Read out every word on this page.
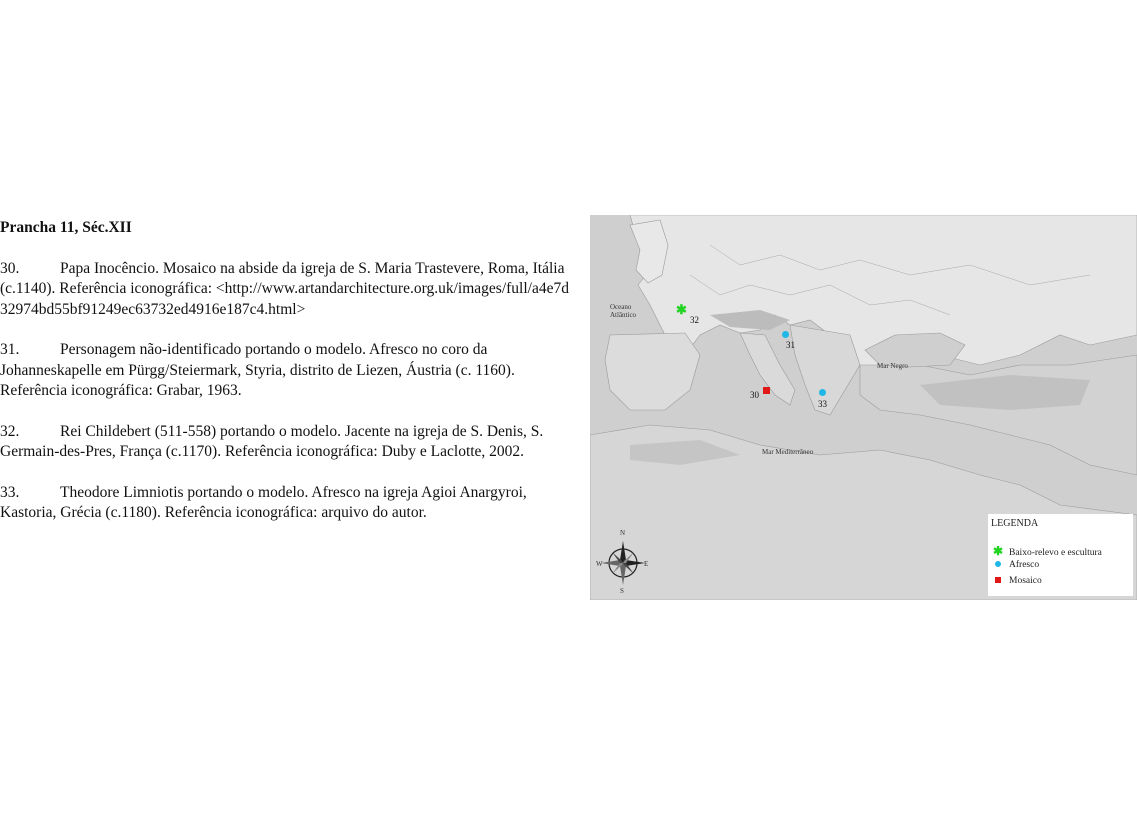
Prancha 11, Séc.XII

30.	Papa Inocêncio. Mosaico na abside da igreja de S. Maria Trastevere, Roma, Itália (c.1140). Referência iconográfica: <http://www.artandarchitecture.org.uk/images/full/a4e7d32974bd55bf91249ec63732ed4916e187c4.html>

31.	Personagem não-identificado portando o modelo. Afresco no coro da Johanneskapelle em Pürgg/Steiermark, Styria, distrito de Liezen, Áustria (c. 1160). Referência iconográfica: Grabar, 1963.

32.	Rei Childebert (511-558) portando o modelo. Jacente na igreja de S. Denis, S. Germain-des-Pres, França (c.1170). Referência iconográfica: Duby e Laclotte, 2002.

33.	Theodore Limniotis portando o modelo. Afresco na igreja Agioi Anargyroi, Kastoria, Grécia (c.1180). Referência iconográfica: arquivo do autor.

Oceano Atlântico
Mar Negro
Mar Mediterrâneo
✱
32
31
30
33
N
S
W	E
LEGENDA
✱ Baixo-relevo e escultura
Afresco
Mosaico
